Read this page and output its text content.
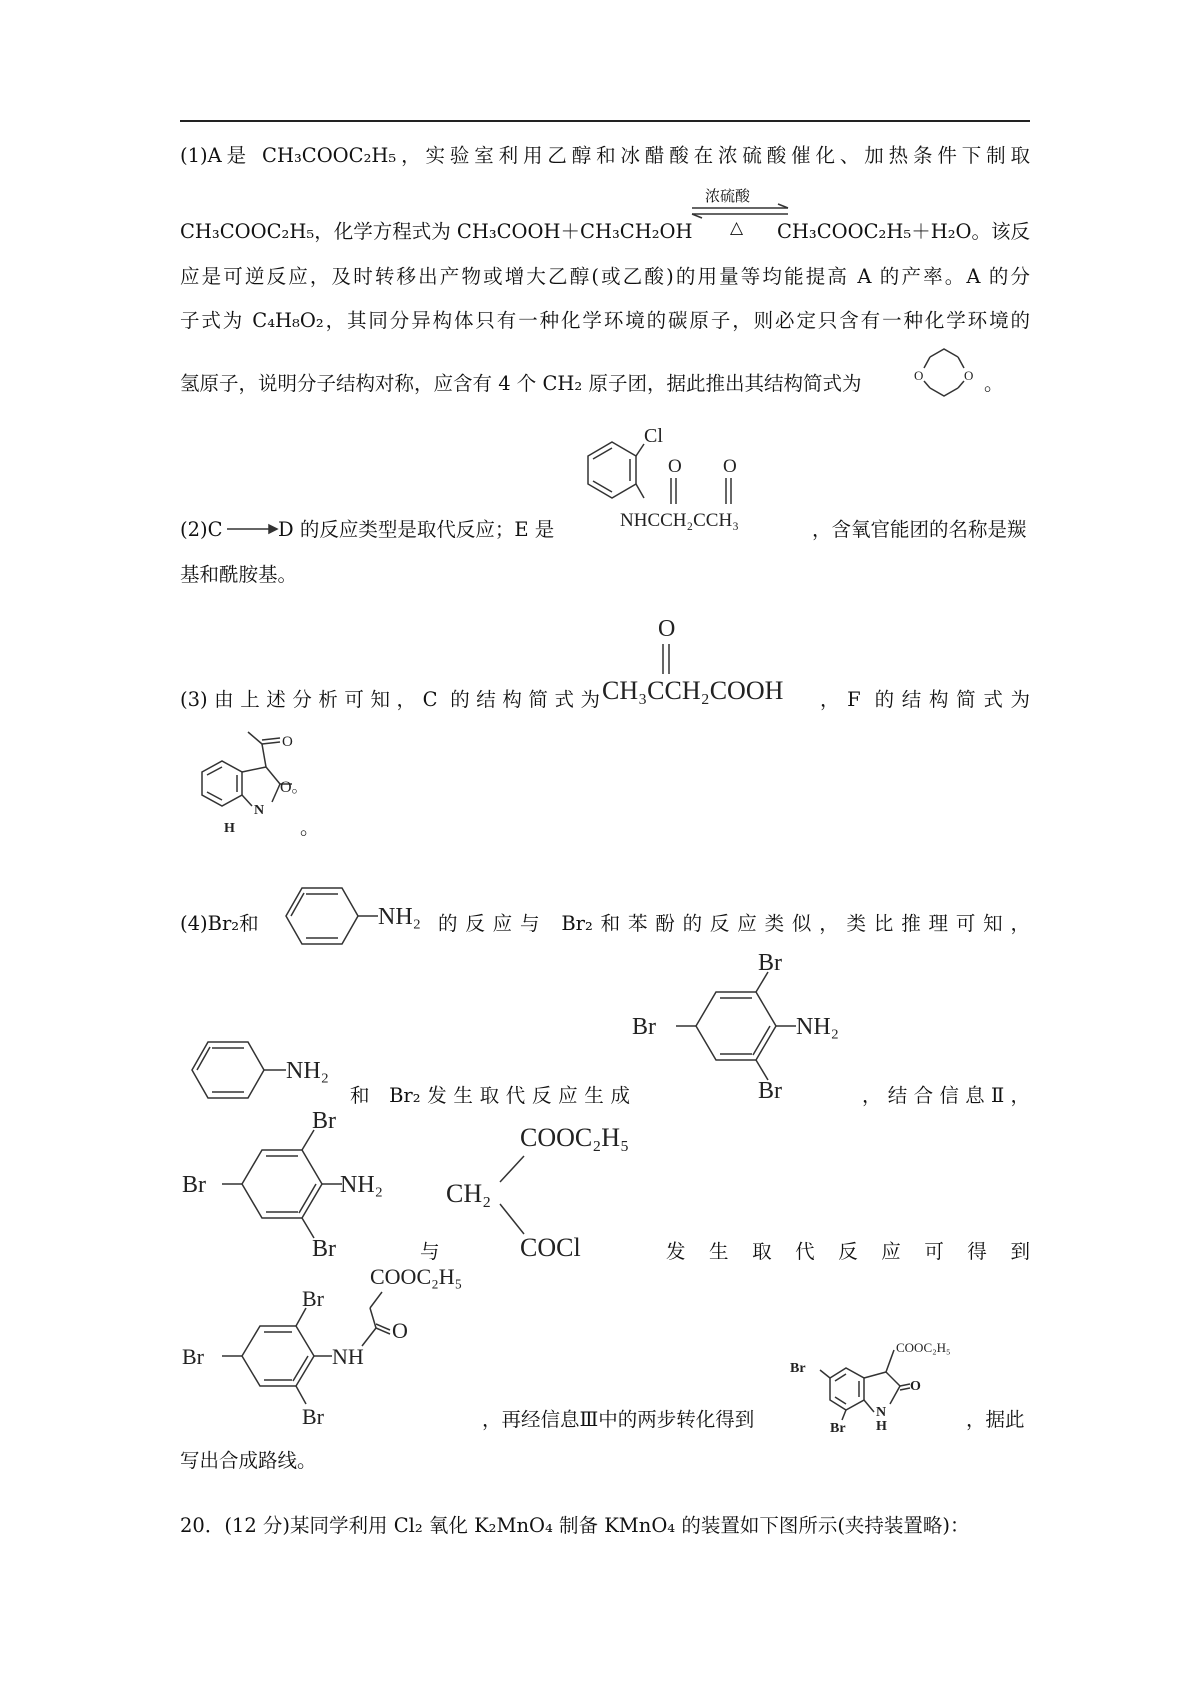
(1)A是 CH₃COOC₂H₅，实验室利用乙醇和冰醋酸在浓硫酸催化、加热条件下制取
CH₃COOC₂H₅，化学方程式为 CH₃COOH＋CH₃CH₂OH
浓硫酸
△ CH₃COOC₂H₅＋H₂O。该反
应是可逆反应，及时转移出产物或增大乙醇(或乙酸)的用量等均能提高 A 的产率。A 的分
子式为 C₄H₈O₂，其同分异构体只有一种化学环境的碳原子，则必定只含有一种化学环境的
氢原子，说明分子结构对称，应含有 4 个 CH₂ 原子团，据此推出其结构简式为	O	O 。
(2)C → D 的反应类型是取代反应；E 是
Cl
O O
NHCCH₂CCH₃	，含氧官能团的名称是羰
基和酰胺基。
(3)由上述分析可知，C 的结构简式为
O
CH₃CCH₂COOH ，F 的结构简式为
O
O。
N
H	。
(4)Br₂和	NH₂ 的反应与 Br₂和苯酚的反应类似，类比推理可知，
NH₂
和 Br₂发生取代反应生成
Br
Br	NH₂
Br	，结合信息Ⅱ，
Br
Br	NH₂
Br	与
COOC₂H₅
CH₂
COCl	发生取代反应可得到
COOC₂H₅
Br
Br	NH
Br
O
，再经信息Ⅲ中的两步转化得到
COOC₂H₅
Br
O
N
H
Br	，据此
写出合成路线。
20．(12 分)某同学利用 Cl₂ 氧化 K₂MnO₄ 制备 KMnO₄ 的装置如下图所示(夹持装置略)：
